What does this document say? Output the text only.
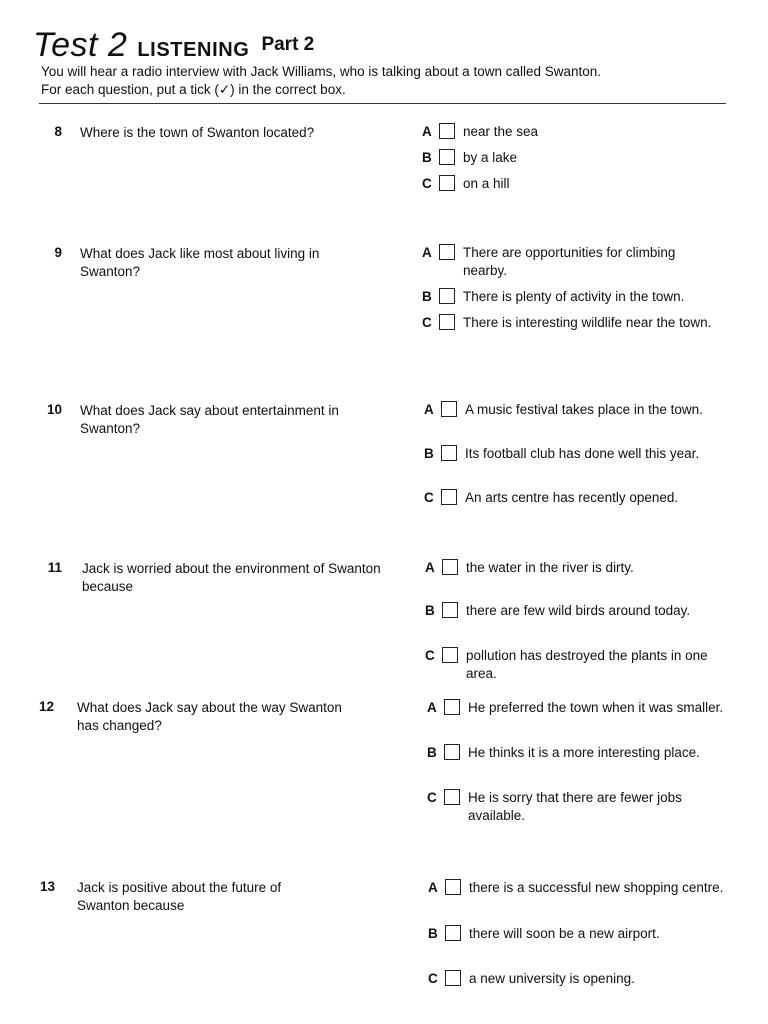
Test 2 LISTENING Part 2
You will hear a radio interview with Jack Williams, who is talking about a town called Swanton.
For each question, put a tick (✓) in the correct box.
8 Where is the town of Swanton located?	A	near the sea
B	by a lake
C	on a hill
9 What does Jack like most about living in Swanton?
A	There are opportunities for climbing nearby.
B	There is plenty of activity in the town.
C	There is interesting wildlife near the town.
10 What does Jack say about entertainment in Swanton?
A	A music festival takes place in the town.
B	Its football club has done well this year.
C	An arts centre has recently opened.
11 Jack is worried about the environment of Swanton because
A	the water in the river is dirty.
B	there are few wild birds around today.
C	pollution has destroyed the plants in one area.
12 What does Jack say about the way Swanton has changed?
A	He preferred the town when it was smaller.
B	He thinks it is a more interesting place.
C	He is sorry that there are fewer jobs available.
13 Jack is positive about the future of Swanton because
A	there is a successful new shopping centre.
B	there will soon be a new airport.
C	a new university is opening.
